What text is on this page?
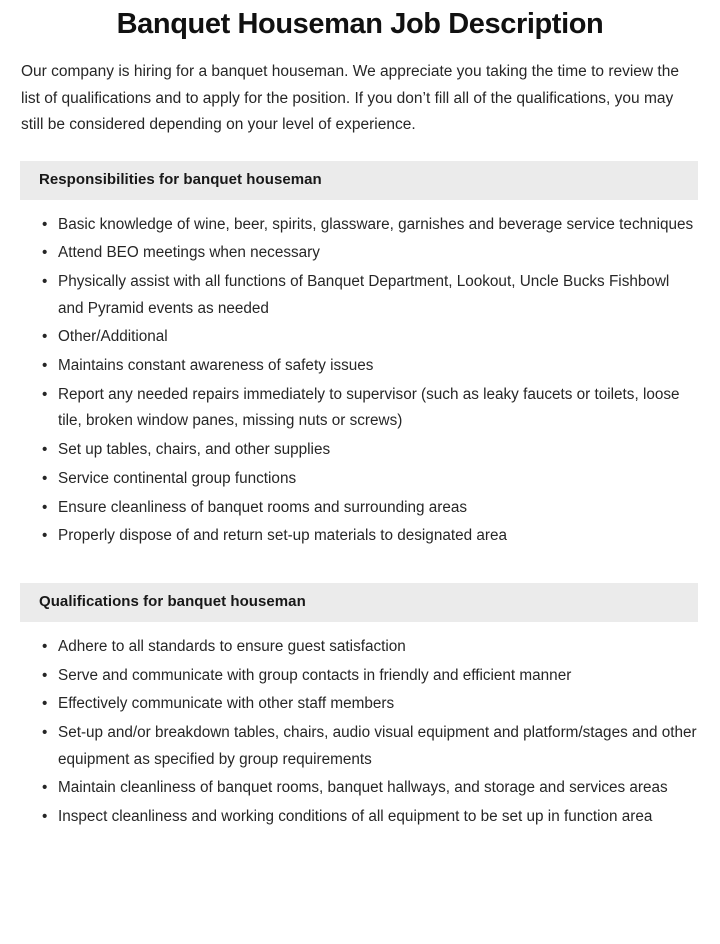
Banquet Houseman Job Description

Our company is hiring for a banquet houseman. We appreciate you taking the time to review the list of qualifications and to apply for the position. If you don’t fill all of the qualifications, you may still be considered depending on your level of experience.

Responsibilities for banquet houseman
• Basic knowledge of wine, beer, spirits, glassware, garnishes and beverage service techniques
• Attend BEO meetings when necessary
• Physically assist with all functions of Banquet Department, Lookout, Uncle Bucks Fishbowl and Pyramid events as needed
• Other/Additional
• Maintains constant awareness of safety issues
• Report any needed repairs immediately to supervisor (such as leaky faucets or toilets, loose tile, broken window panes, missing nuts or screws)
• Set up tables, chairs, and other supplies
• Service continental group functions
• Ensure cleanliness of banquet rooms and surrounding areas
• Properly dispose of and return set-up materials to designated area
Qualifications for banquet houseman
• Adhere to all standards to ensure guest satisfaction
• Serve and communicate with group contacts in friendly and efficient manner
• Effectively communicate with other staff members
• Set-up and/or breakdown tables, chairs, audio visual equipment and platform/stages and other equipment as specified by group requirements
• Maintain cleanliness of banquet rooms, banquet hallways, and storage and services areas
• Inspect cleanliness and working conditions of all equipment to be set up in function area
